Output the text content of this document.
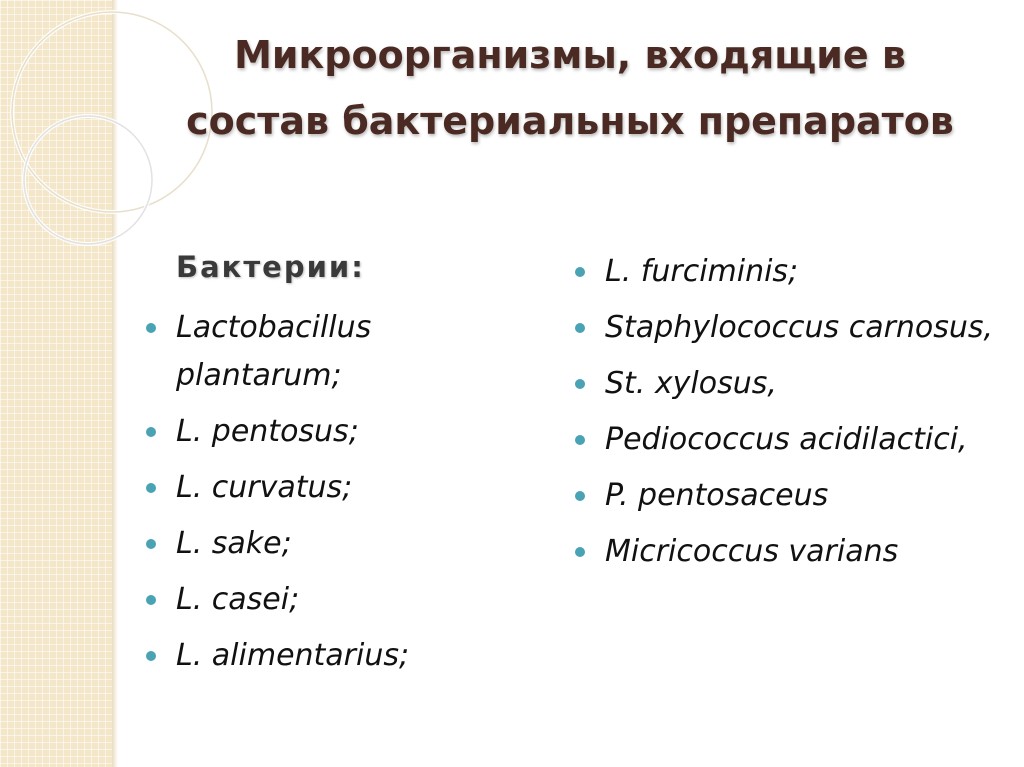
Микроорганизмы, входящие в состав бактериальных препаратов
Бактерии:
Lactobacillus plantarum;
L. pentosus;
L. curvatus;
L. sake;
L. casei;
L. alimentarius;
L. furciminis;
Staphylococcus carnosus,
St. xylosus,
Pediococcus acidilactici,
P. pentosaceus
Micricoccus varians
